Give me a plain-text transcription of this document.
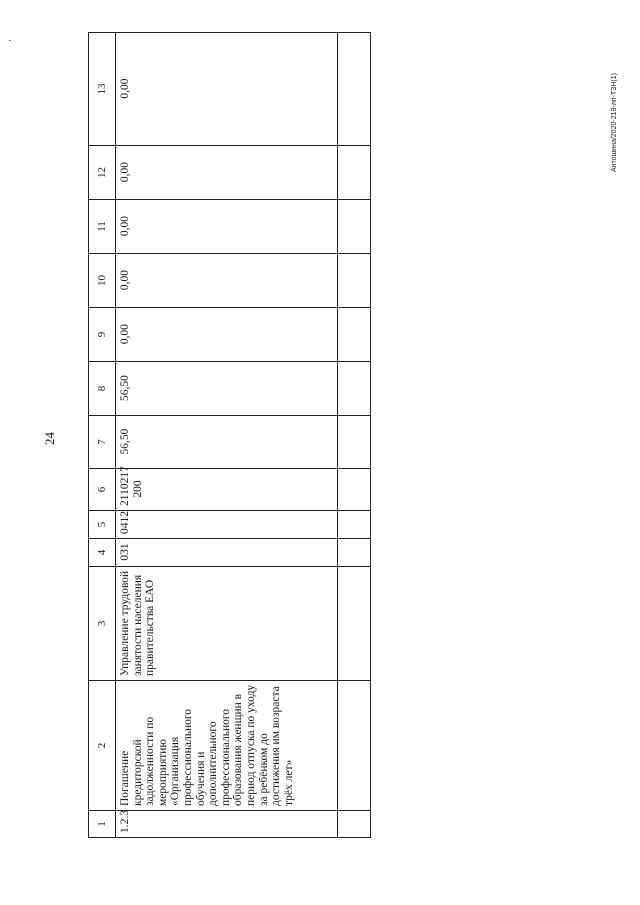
24
Антошина/2020-219-лп-ТЗН(1)
1	2	3	4	5	6	7	8	9	10	11	12	13
1.2.3	Погашение кредиторской задолженности по мероприятию «Организация профессионального обучения и дополнительного профессионального образования женщин в период отпуска по уходу за ребёнком до достижения им возраста трёх лет»	Управление трудовой занятости населения правительства ЕАО	031	0412	2110217 200	56,50	56,50	0,00	0,00	0,00	0,00	0,00
